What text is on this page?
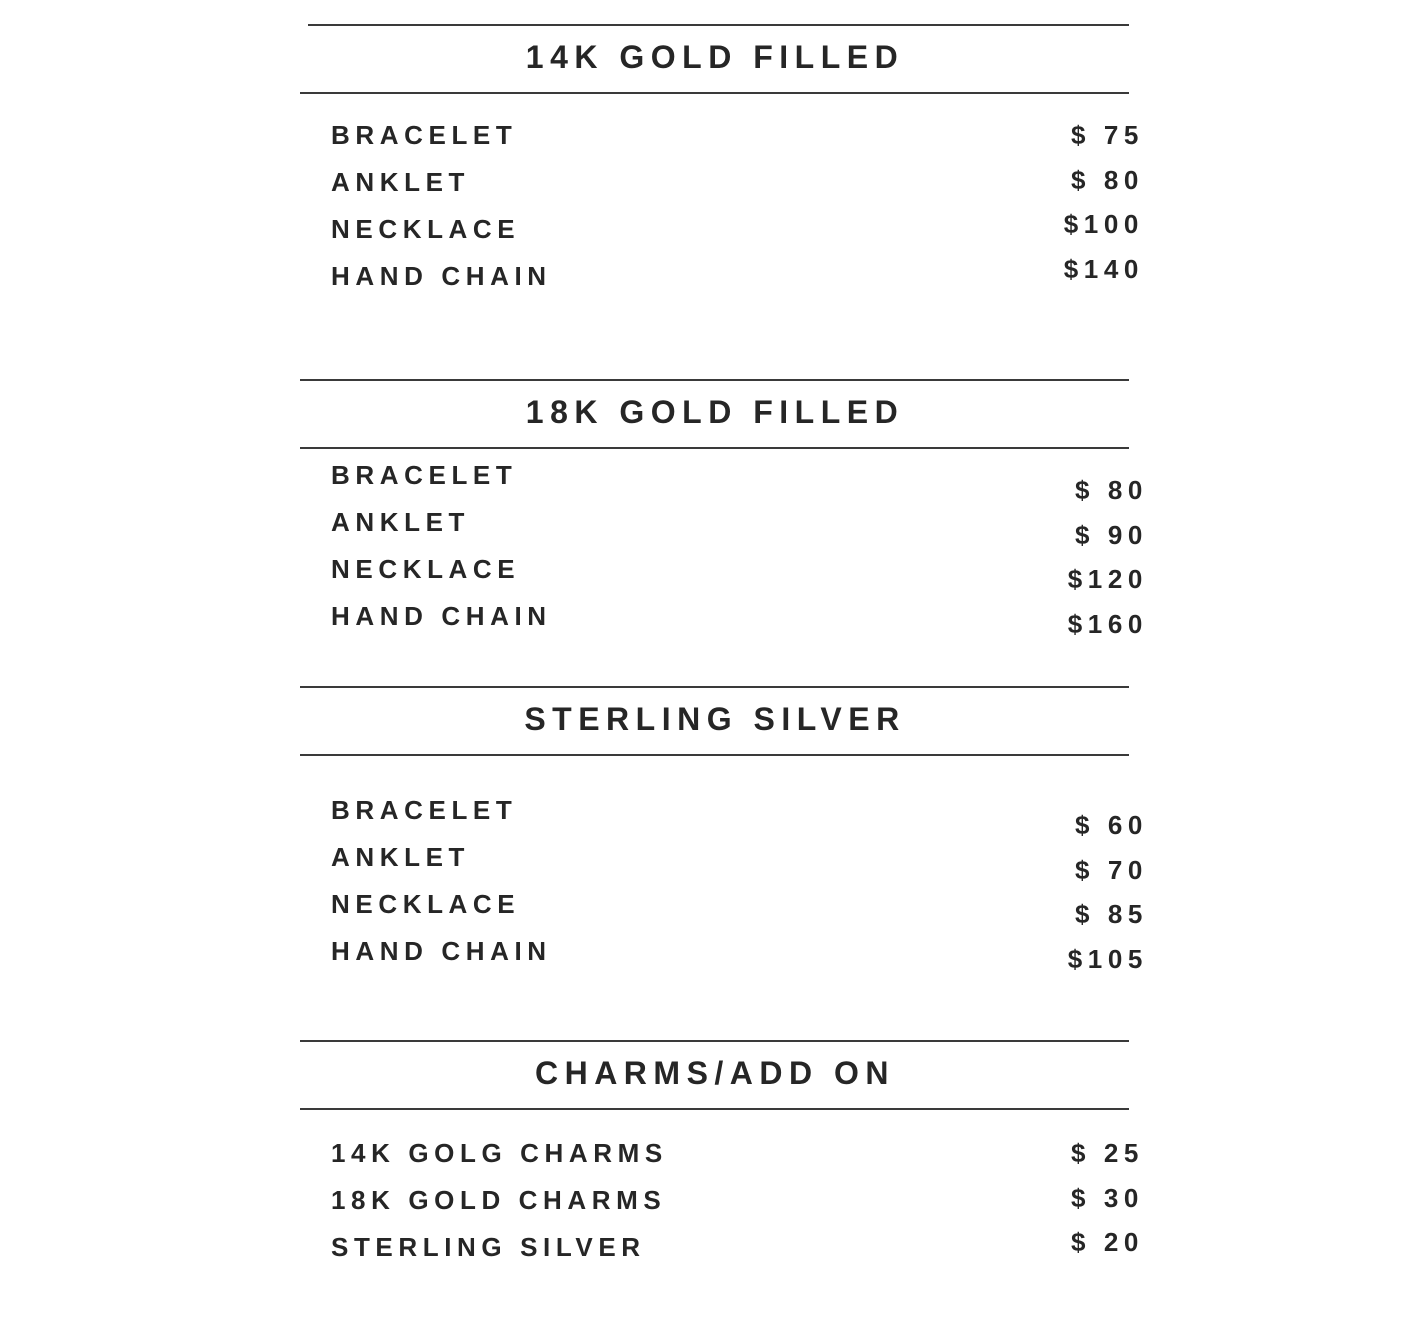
14K GOLD FILLED
BRACELET
ANKLET
NECKLACE
HAND CHAIN
$ 75
$ 80
$100
$140
18K GOLD FILLED
BRACELET
ANKLET
NECKLACE
HAND CHAIN
$ 80
$ 90
$120
$160
STERLING SILVER
BRACELET
ANKLET
NECKLACE
HAND CHAIN
$ 60
$ 70
$ 85
$105
CHARMS/ADD ON
14K GOLG CHARMS
18K GOLD CHARMS
STERLING SILVER
$ 25
$ 30
$ 20
